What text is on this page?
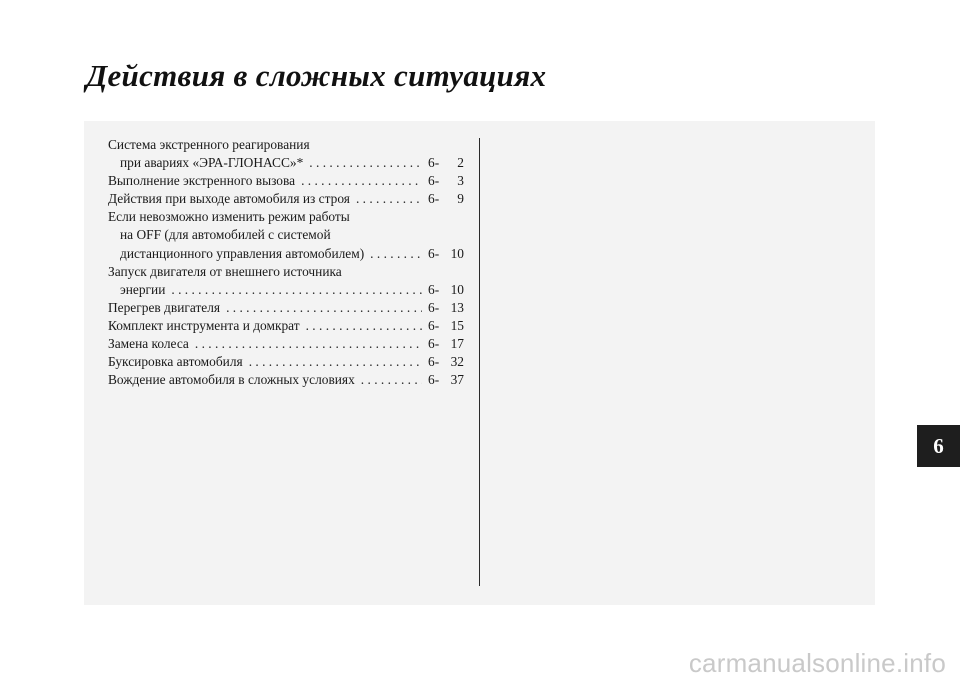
Действия в сложных ситуациях
Система экстренного реагирования
при авариях «ЭРА-ГЛОНАСС»* . . .	6-	2
Выполнение экстренного вызова . . .	6-	3
Действия при выходе автомобиля из строя . . .	6-	9
Если невозможно изменить режим работы
на OFF (для автомобилей с системой
дистанционного управления автомобилем) . . .	6- 10
Запуск двигателя от внешнего источника
энергии . . .	6- 10
Перегрев двигателя . . .	6- 13
Комплект инструмента и домкрат . . .	6- 15
Замена колеса . . .	6- 17
Буксировка автомобиля . . .	6- 32
Вождение автомобиля в сложных условиях . . .	6- 37
6
carmanualsonline.info
